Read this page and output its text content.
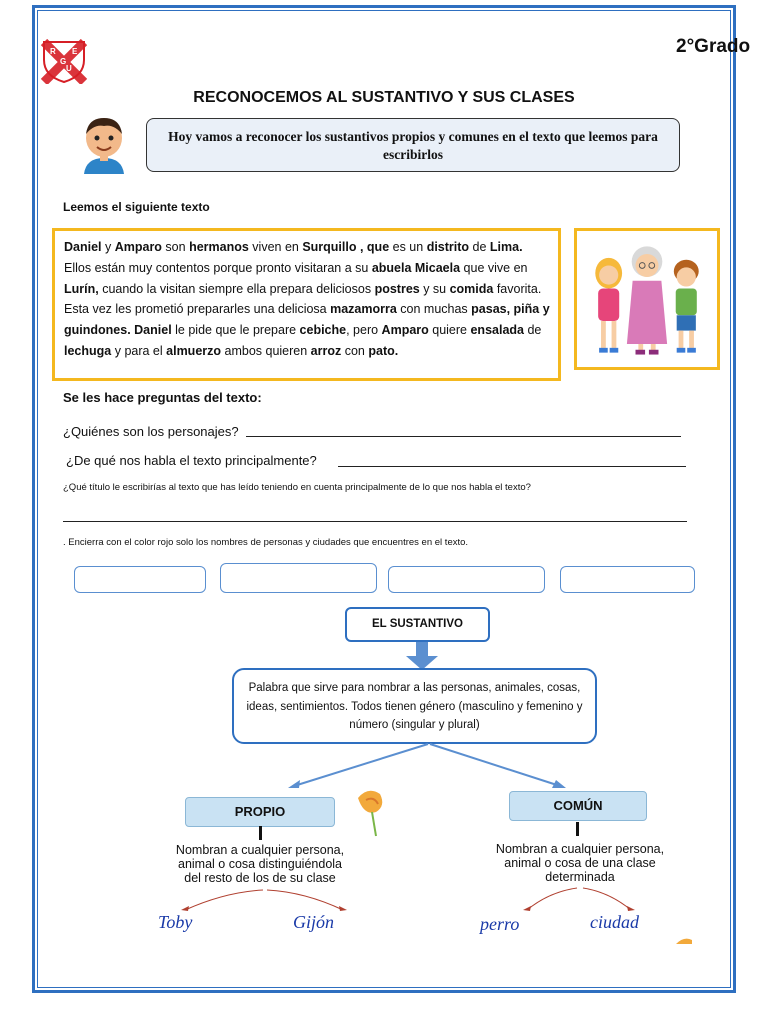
R
G
U
E
P
2°Grado
RECONOCEMOS AL SUSTANTIVO Y SUS CLASES
Hoy vamos a reconocer los sustantivos propios y comunes en el texto que leemos para escribirlos
Leemos el siguiente texto
Daniel y Amparo son hermanos viven en Surquillo , que es un distrito de Lima. Ellos están muy contentos porque pronto visitaran a su abuela Micaela que vive en Lurín, cuando la visitan siempre ella prepara deliciosos postres y su comida favorita. Esta vez les prometió prepararles una deliciosa mazamorra con muchas pasas, piña y guindones. Daniel le pide que le prepare cebiche, pero Amparo quiere ensalada de lechuga y para el almuerzo ambos quieren arroz con pato.
Se les hace preguntas del texto:
¿Quiénes son los personajes?
¿De qué nos habla el texto principalmente?
¿Qué título le escribirías al texto que has leído teniendo en cuenta principalmente de lo que nos habla el texto?
. Encierra con el color rojo solo los nombres de personas y ciudades que encuentres en el texto.
EL SUSTANTIVO
Palabra que sirve para nombrar a las personas, animales, cosas, ideas, sentimientos. Todos tienen género (masculino y femenino y número (singular y plural)
PROPIO
Nombran a cualquier persona,
animal o cosa distinguiéndola
del resto de los de su clase
Toby	Gijón
COMÚN
Nombran a cualquier persona,
animal o cosa de una clase
determinada
perro	ciudad
